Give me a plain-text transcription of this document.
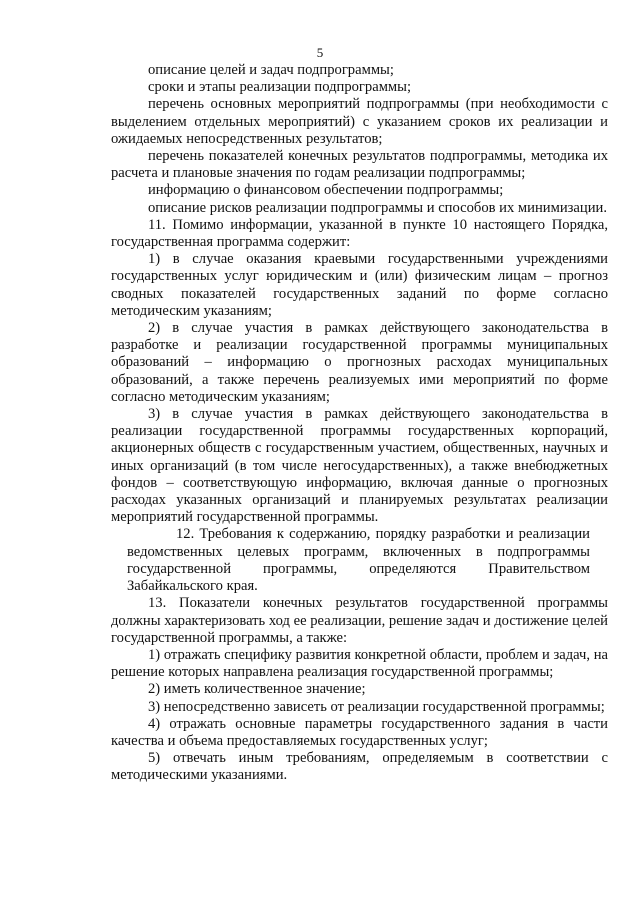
5

описание целей и задач подпрограммы;

сроки и этапы реализации подпрограммы;

перечень основных мероприятий подпрограммы (при необходимости с выделением отдельных мероприятий) с указанием сроков их реализации и ожидаемых непосредственных результатов;

перечень показателей конечных результатов подпрограммы, методика их расчета и плановые значения по годам реализации подпрограммы;

информацию о финансовом обеспечении подпрограммы;

описание рисков реализации подпрограммы и способов их минимизации.

11. Помимо информации, указанной в пункте 10 настоящего Порядка, государственная программа содержит:

1) в случае оказания краевыми государственными учреждениями государственных услуг юридическим и (или) физическим лицам – прогноз сводных показателей государственных заданий по форме согласно методическим указаниям;

2) в случае участия в рамках действующего законодательства в разработке и реализации государственной программы муниципальных образований – информацию о прогнозных расходах муниципальных образований, а также перечень реализуемых ими мероприятий по форме согласно методическим указаниям;

3) в случае участия в рамках действующего законодательства в реализации государственной программы государственных корпораций, акционерных обществ с государственным участием, общественных, научных и иных организаций (в том числе негосударственных), а также внебюджетных фондов – соответствующую информацию, включая данные о прогнозных расходах указанных организаций и планируемых результатах реализации мероприятий государственной программы.

12. Требования к содержанию, порядку разработки и реализации ведомственных целевых программ, включенных в подпрограммы государственной программы, определяются Правительством Забайкальского края.

13. Показатели конечных результатов государственной программы должны характеризовать ход ее реализации, решение задач и достижение целей государственной программы, а также:

1) отражать специфику развития конкретной области, проблем и задач, на решение которых направлена реализация государственной программы;

2) иметь количественное значение;

3) непосредственно зависеть от реализации государственной программы;

4) отражать основные параметры государственного задания в части качества и объема предоставляемых государственных услуг;

5) отвечать иным требованиям, определяемым в соответствии с методическими указаниями.
